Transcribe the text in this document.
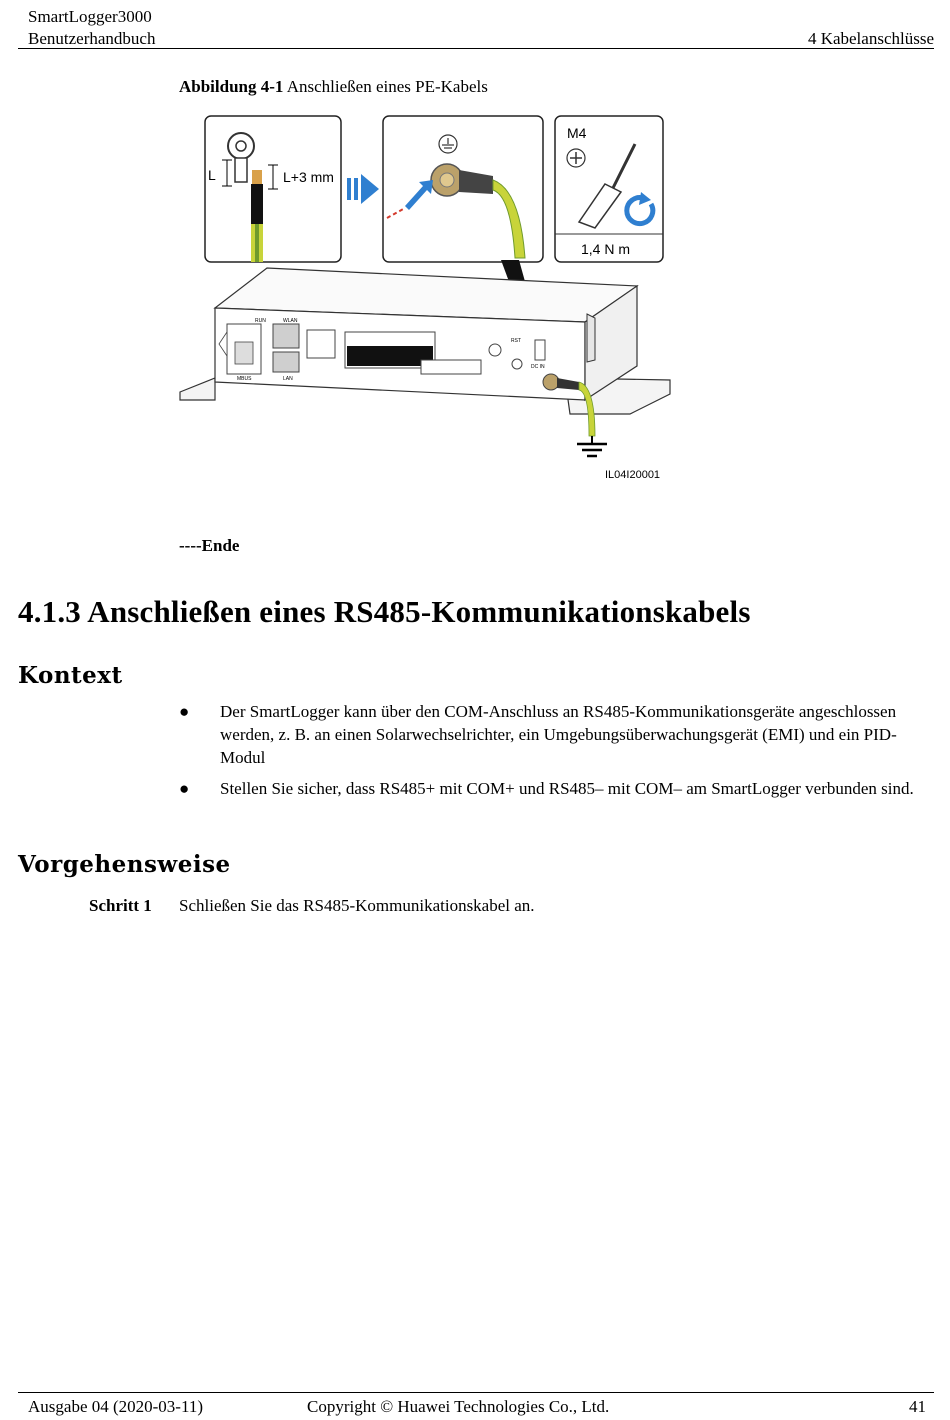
SmartLogger3000
Benutzerhandbuch	4 Kabelanschlüsse
Abbildung 4-1 Anschließen eines PE-Kabels
L	L+3 mm
M4
1,4 N m
RUN	WLAN
LAN
MBUS
RST
DC IN
IL04I20001
----Ende
4.1.3 Anschließen eines RS485-Kommunikationskabels
Kontext
● Der SmartLogger kann über den COM-Anschluss an RS485-Kommunikationsgeräte angeschlossen werden, z. B. an einen Solarwechselrichter, ein Umgebungsüberwachungsgerät (EMI) und ein PID-Modul
● Stellen Sie sicher, dass RS485+ mit COM+ und RS485– mit COM– am SmartLogger verbunden sind.
Vorgehensweise
Schritt 1 Schließen Sie das RS485-Kommunikationskabel an.
Ausgabe 04 (2020-03-11)	Copyright © Huawei Technologies Co., Ltd.	41
